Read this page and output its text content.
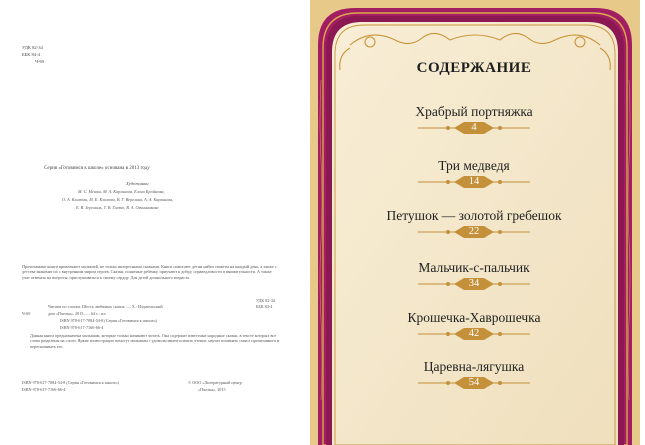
УДК 82-34
ББК 84-4
Ч-69
Серия «Готовимся к школе» основана в 2013 году
Художники
М. С. Мешки, М. А. Карлинова, Елена Кроймова,
О. А. Климова, М. Е. Климова, В. Г. Верелина, А. А. Карлинова,
Е. В. Зеремаль, Т. В. Глазко, В. А. Овчинникова
Прочитанные книги привлекают малышей, не только интересными сказками. Книги помогают детям найти сюжеты на каждый день, а также с детства знакомят их с внутренним миром героев. Сказки, понятные ребёнку, приучают к добру, справедливости и внимательности. А также учат отвечать на вопросы, прислушиваться к своему сердцу. Для детей дошкольного возраста.
УДК 82-34
ББК 84-4
Ч-69
Читаем по слогам. Шесть любимых сказок. — Х.: Издательский
дом «Пчелка», 2015. — 64 с.: ил.
ISBN 978-617-7084-54-8 (Серия «Готовимся к школе»)
ISBN 978-617-7166-66-4
Данная книга предназначена малышам, которые только начинают читать. Она содержит известные народные сказки, в тексте которых все слова разделены на слоги. Яркие иллюстрации помогут малышам с удовольствием освоить чтение, научат понимать смысл прочитанного и пересказывать его.
ISBN 978-617-7084-54-8 (Серия «Готовимся к школе»)
ISBN 978-617-7166-66-4
© ООО «Литературный центр
«Пчелка», 2015
СОДЕРЖАНИЕ
Храбрый портняжка
4
Три медведя
14
Петушок — золотой гребешок
22
Мальчик-с-пальчик
34
Крошечка-Хаврошечка
42
Царевна-лягушка
54
